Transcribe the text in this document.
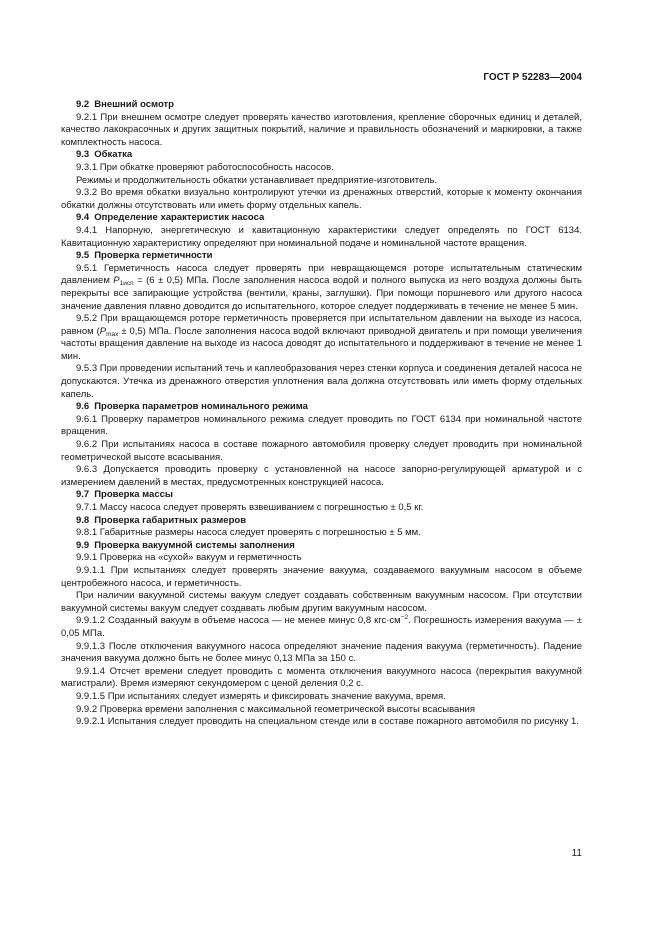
ГОСТ Р 52283—2004

9.2 Внешний осмотр

9.2.1 При внешнем осмотре следует проверять качество изготовления, крепление сборочных единиц и деталей, качество лакокрасочных и других защитных покрытий, наличие и правильность обозначений и маркировки, а также комплектность насоса.

9.3 Обкатка

9.3.1 При обкатке проверяют работоспособность насосов.

Режимы и продолжительность обкатки устанавливает предприятие-изготовитель.

9.3.2 Во время обкатки визуально контролируют утечки из дренажных отверстий, которые к моменту окончания обкатки должны отсутствовать или иметь форму отдельных капель.

9.4 Определение характеристик насоса

9.4.1 Напорную, энергетическую и кавитационную характеристики следует определять по ГОСТ 6134. Кавитационную характеристику определяют при номинальной подаче и номинальной частоте вращения.

9.5 Проверка герметичности

9.5.1 Герметичность насоса следует проверять при невращающемся роторе испытательным статическим давлением $P_{1исп} = (6 \pm 0,5)$ МПа. После заполнения насоса водой и полного выпуска из него воздуха должны быть перекрыты все запирающие устройства (вентили, краны, заглушки). При помощи поршневого или другого насоса значение давления плавно доводится до испытательного, которое следует поддерживать в течение не менее 5 мин.

9.5.2 При вращающемся роторе герметичность проверяется при испытательном давлении на выходе из насоса, равном $(P_{max} \pm 0,5)$ МПа. После заполнения насоса водой включают приводной двигатель и при помощи увеличения частоты вращения давление на выходе из насоса доводят до испытательного и поддерживают в течение не менее 1 мин.

9.5.3 При проведении испытаний течь и каплеобразования через стенки корпуса и соединения деталей насоса не допускаются. Утечка из дренажного отверстия уплотнения вала должна отсутствовать или иметь форму отдельных капель.

9.6 Проверка параметров номинального режима

9.6.1 Проверку параметров номинального режима следует проводить по ГОСТ 6134 при номинальной частоте вращения.

9.6.2 При испытаниях насоса в составе пожарного автомобиля проверку следует проводить при номинальной геометрической высоте всасывания.

9.6.3 Допускается проводить проверку с установленной на насосе запорно-регулирующей арматурой и с измерением давлений в местах, предусмотренных конструкцией насоса.

9.7 Проверка массы

9.7.1 Массу насоса следует проверять взвешиванием с погрешностью ± 0,5 кг.

9.8 Проверка габаритных размеров

9.8.1 Габаритные размеры насоса следует проверять с погрешностью ± 5 мм.

9.9 Проверка вакуумной системы заполнения

9.9.1 Проверка на «сухой» вакуум и герметичность

9.9.1.1 При испытаниях следует проверять значение вакуума, создаваемого вакуумным насосом в объеме центробежного насоса, и герметичность.

При наличии вакуумной системы вакуум следует создавать собственным вакуумным насосом. При отсутствии вакуумной системы вакуум следует создавать любым другим вакуумным насосом.

9.9.1.2 Созданный вакуум в объеме насоса — не менее минус 0,8 $кгс\cdot см^{-2}$. Погрешность измерения вакуума — ± 0,05 МПа.

9.9.1.3 После отключения вакуумного насоса определяют значение падения вакуума (герметичность). Падение значения вакуума должно быть не более минус 0,13 МПа за 150 с.

9.9.1.4 Отсчет времени следует проводить с момента отключения вакуумного насоса (перекрытия вакуумной магистрали). Время измеряют секундомером с ценой деления 0,2 с.

9.9.1.5 При испытаниях следует измерять и фиксировать значение вакуума, время.

9.9.2 Проверка времени заполнения с максимальной геометрической высоты всасывания

9.9.2.1 Испытания следует проводить на специальном стенде или в составе пожарного автомобиля по рисунку 1.

11
